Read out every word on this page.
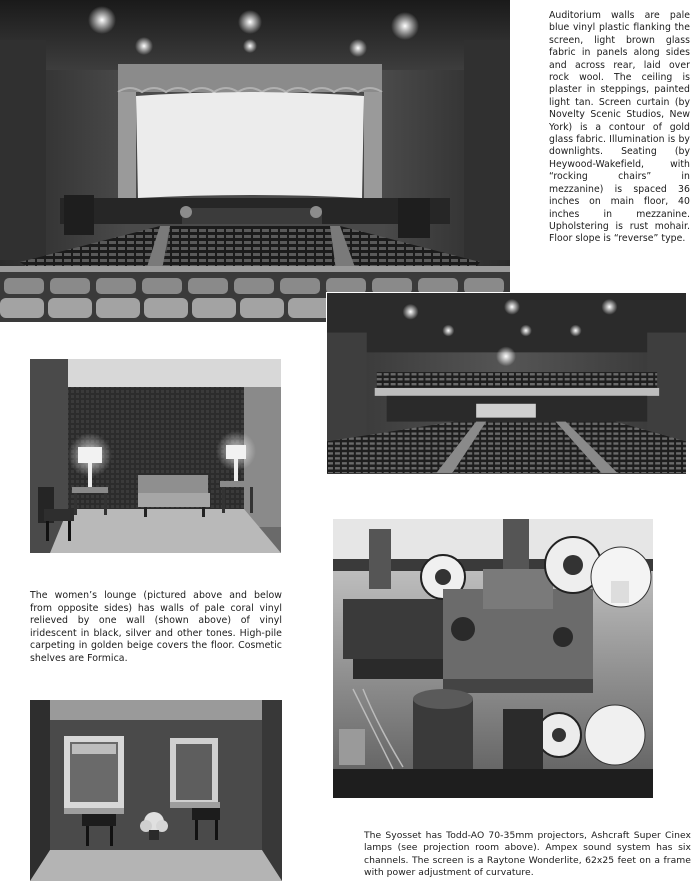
Auditorium walls are pale blue vinyl plastic flanking the screen, light brown glass fabric in panels along sides and across rear, laid over rock wool. The ceiling is plaster in steppings, painted light tan. Screen curtain (by Novelty Scenic Studios, New York) is a contour of gold glass fabric. Illumination is by downlights. Seating (by Heywood-Wakefield, with “rocking chairs” in mezzanine) is spaced 36 inches on main floor, 40 inches in mezzanine. Upholstering is rust mohair. Floor slope is “reverse” type.
The women’s lounge (pictured above and below from opposite sides) has walls of pale coral vinyl relieved by one wall (shown above) of vinyl iridescent in black, silver and other tones. High-pile carpeting in golden beige covers the floor. Cosmetic shelves are Formica.
The Syosset has Todd-AO 70-35mm projectors, Ashcraft Super Cinex lamps (see projection room above). Ampex sound system has six channels. The screen is a Raytone Wonderlite, 62x25 feet on a frame with power adjustment of curvature.
